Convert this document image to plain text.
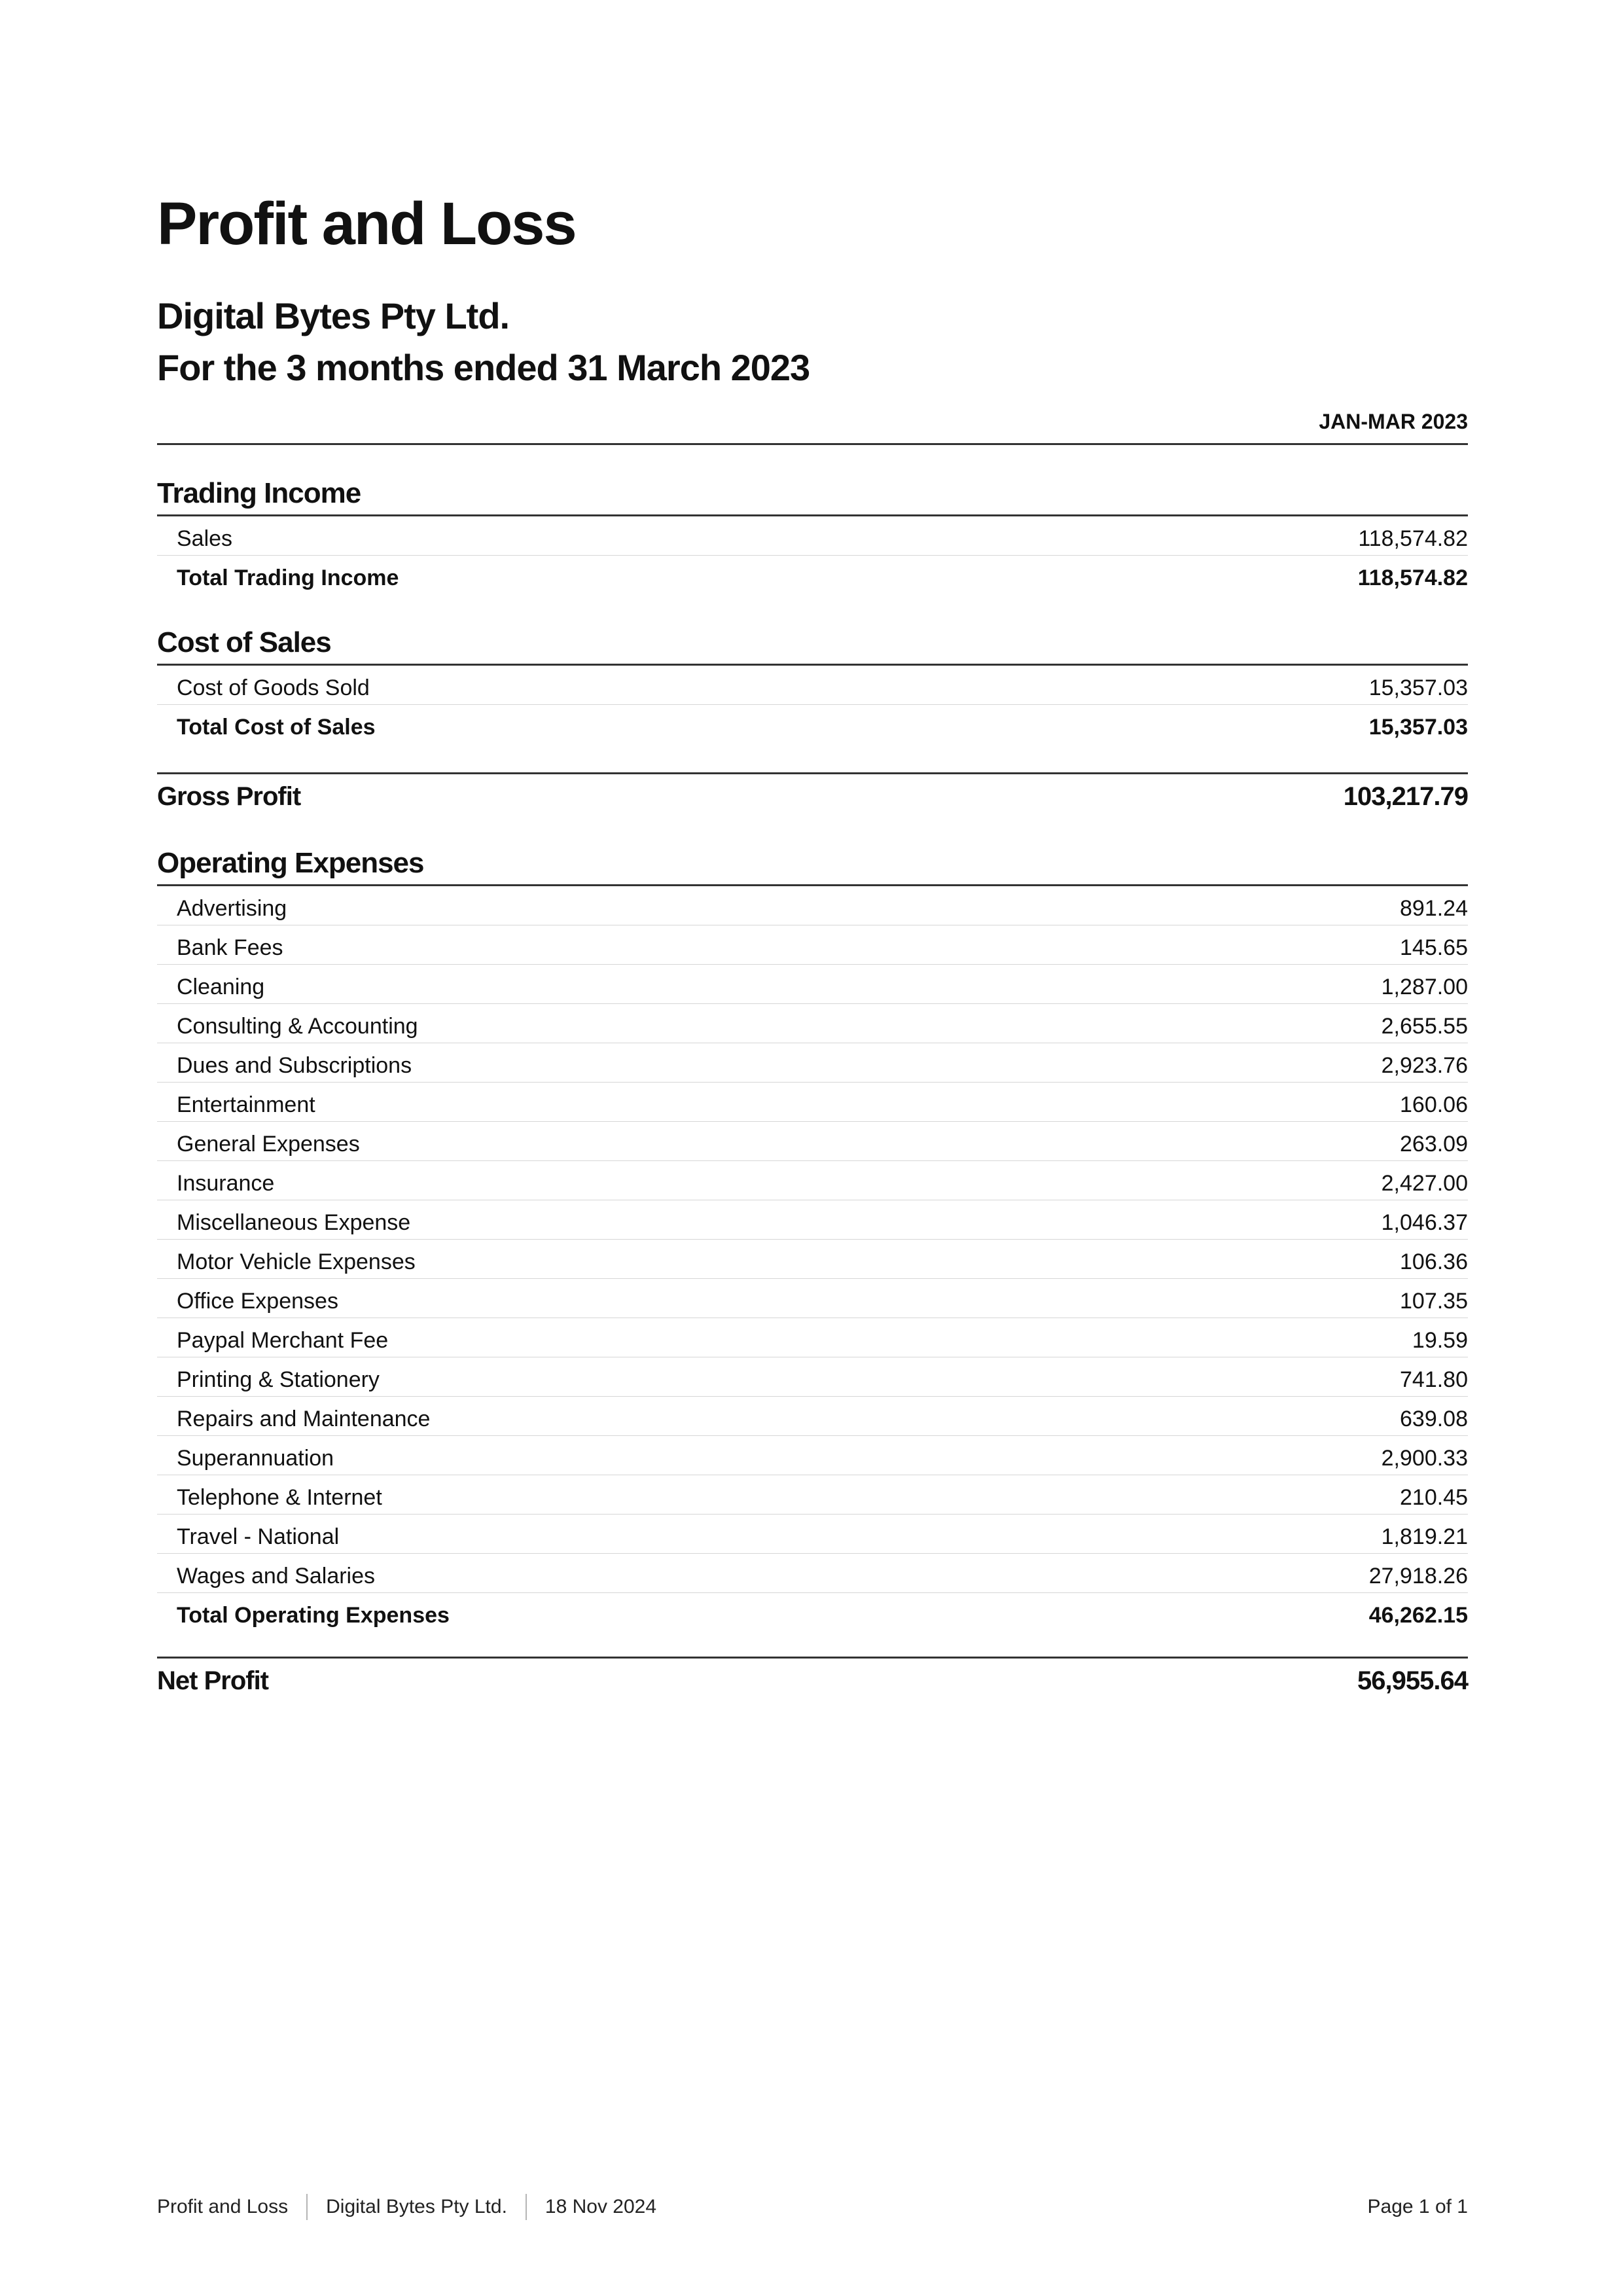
Profit and Loss
Digital Bytes Pty Ltd.
For the 3 months ended 31 March 2023
JAN-MAR 2023
Trading Income
Sales	118,574.82
Total Trading Income	118,574.82
Cost of Sales
Cost of Goods Sold	15,357.03
Total Cost of Sales	15,357.03
Gross Profit	103,217.79
Operating Expenses
Advertising	891.24
Bank Fees	145.65
Cleaning	1,287.00
Consulting & Accounting	2,655.55
Dues and Subscriptions	2,923.76
Entertainment	160.06
General Expenses	263.09
Insurance	2,427.00
Miscellaneous Expense	1,046.37
Motor Vehicle Expenses	106.36
Office Expenses	107.35
Paypal Merchant Fee	19.59
Printing & Stationery	741.80
Repairs and Maintenance	639.08
Superannuation	2,900.33
Telephone & Internet	210.45
Travel - National	1,819.21
Wages and Salaries	27,918.26
Total Operating Expenses	46,262.15
Net Profit	56,955.64
Profit and Loss Digital Bytes Pty Ltd. 18 Nov 2024	Page 1 of 1
